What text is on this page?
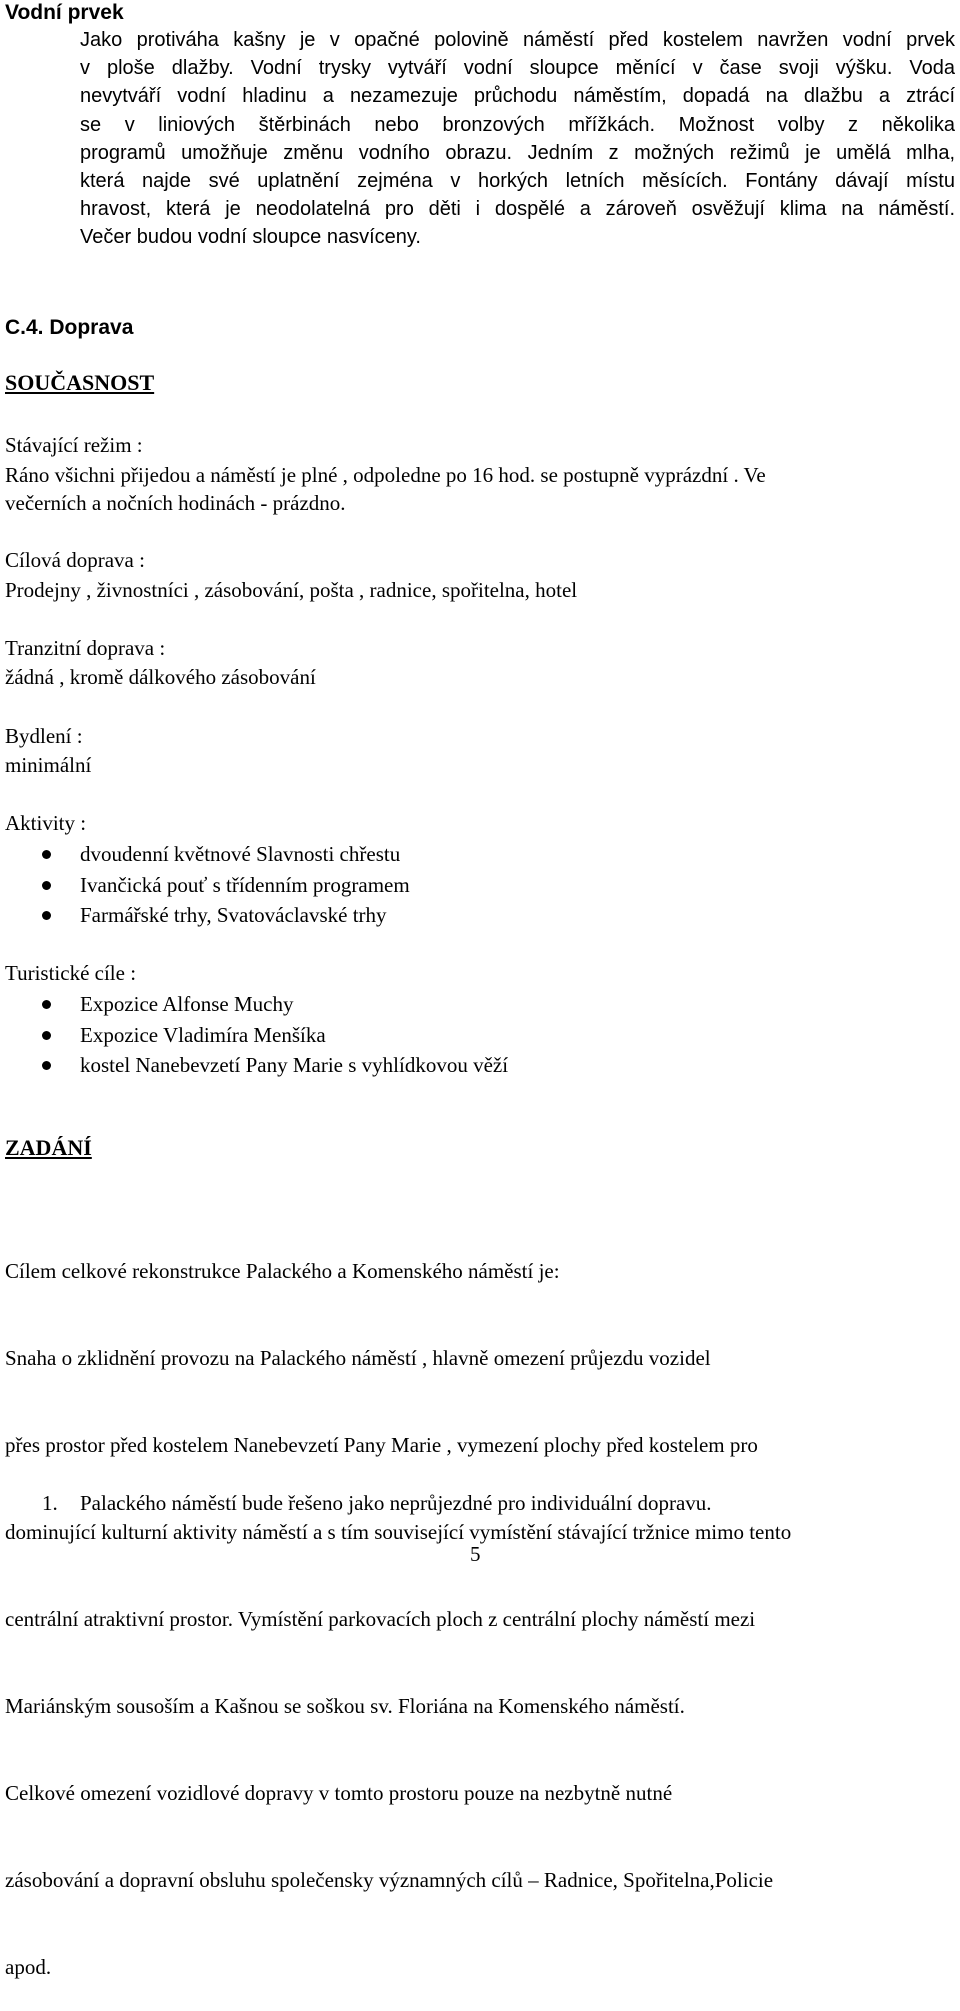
Vodní prvek
Jako protiváha kašny je v opačné polovině náměstí před kostelem navržen vodní prvek
v ploše dlažby. Vodní trysky vytváří vodní sloupce měnící v čase svoji výšku. Voda
nevytváří vodní hladinu a nezamezuje průchodu náměstím, dopadá na dlažbu a ztrácí
se v liniových štěrbinách nebo bronzových mřížkách. Možnost volby z několika
programů umožňuje změnu vodního obrazu. Jedním z možných režimů je umělá mlha,
která najde své uplatnění zejména v horkých letních měsících. Fontány dávají místu
hravost, která je neodolatelná pro děti i dospělé a zároveň osvěžují klima na náměstí.
Večer budou vodní sloupce nasvíceny.
C.4. Doprava
SOUČASNOST
Stávající režim :
Ráno všichni přijedou a náměstí je plné , odpoledne po 16 hod. se postupně vyprázdní . Ve
večerních a nočních hodinách - prázdno.
Cílová doprava :
Prodejny , živnostníci , zásobování, pošta , radnice, spořitelna, hotel
Tranzitní doprava :
žádná , kromě dálkového zásobování
Bydlení :
minimální
Aktivity :
dvoudenní květnové Slavnosti chřestu
Ivančická pouť s třídenním programem
Farmářské trhy, Svatováclavské trhy
Turistické cíle :
Expozice Alfonse Muchy
Expozice Vladimíra Menšíka
kostel Nanebevzetí Pany Marie s vyhlídkovou věží
ZADÁNÍ

Cílem celkové rekonstrukce Palackého a Komenského náměstí je:

Snaha o zklidnění provozu na Palackého náměstí , hlavně omezení průjezdu vozidel

přes prostor před kostelem Nanebevzetí Pany Marie , vymezení plochy před kostelem pro

dominující kulturní aktivity náměstí a s tím související vymístění stávající tržnice mimo tento

centrální atraktivní prostor. Vymístění parkovacích ploch z centrální plochy náměstí mezi

Mariánským sousoším a Kašnou se soškou sv. Floriána na Komenského náměstí.

Celkové omezení vozidlové dopravy v tomto prostoru pouze na nezbytně nutné

zásobování a dopravní obsluhu společensky významných cílů – Radnice, Spořitelna,Policie

apod.

1. Palackého náměstí bude řešeno jako neprůjezdné pro individuální dopravu.
5
